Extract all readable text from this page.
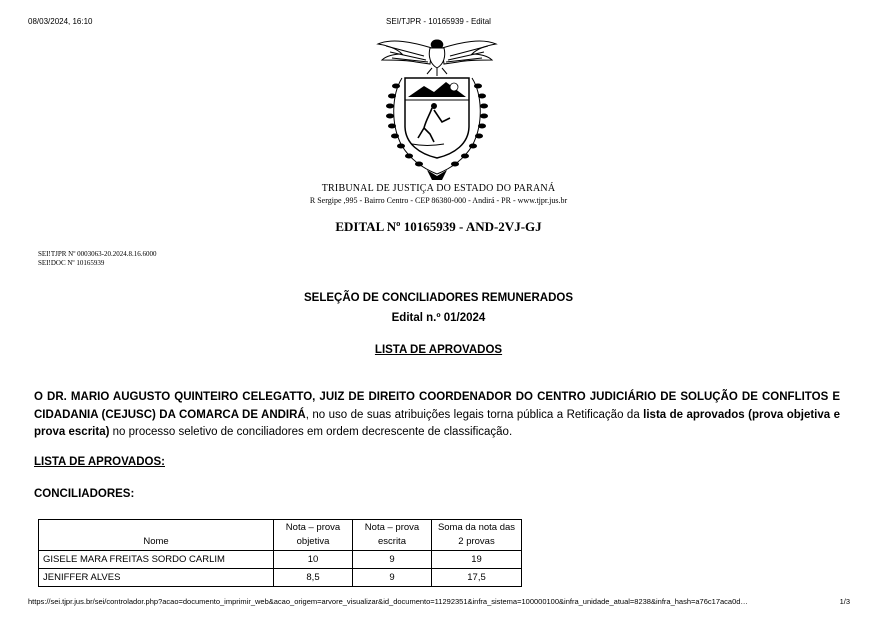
08/03/2024, 16:10	SEI/TJPR - 10165939 - Edital
TRIBUNAL DE JUSTIÇA DO ESTADO DO PARANÁ
R Sergipe ,995 - Bairro Centro - CEP 86380-000 - Andirá - PR - www.tjpr.jus.br
EDITAL Nº 10165939 - AND-2VJ-GJ
SEI!TJPR Nº 0003063-20.2024.8.16.6000
SEI!DOC Nº 10165939
SELEÇÃO DE CONCILIADORES REMUNERADOS
Edital n.º 01/2024
LISTA DE APROVADOS
O DR. MARIO AUGUSTO QUINTEIRO CELEGATTO, JUIZ DE DIREITO COORDENADOR DO CENTRO JUDICIÁRIO DE SOLUÇÃO DE CONFLITOS E CIDADANIA (CEJUSC) DA COMARCA DE ANDIRÁ, no uso de suas atribuições legais torna pública a Retificação da lista de aprovados (prova objetiva e prova escrita) no processo seletivo de conciliadores em ordem decrescente de classificação.
LISTA DE APROVADOS:
CONCILIADORES:
Nome	Nota – prova objetiva	Nota – prova escrita	Soma da nota das 2 provas
GISELE MARA FREITAS SORDO CARLIM	10	9	19
JENIFFER ALVES	8,5	9	17,5
https://sei.tjpr.jus.br/sei/controlador.php?acao=documento_imprimir_web&acao_origem=arvore_visualizar&id_documento=11292351&infra_sistema=100000100&infra_unidade_atual=8238&infra_hash=a76c17aca0d…	1/3
